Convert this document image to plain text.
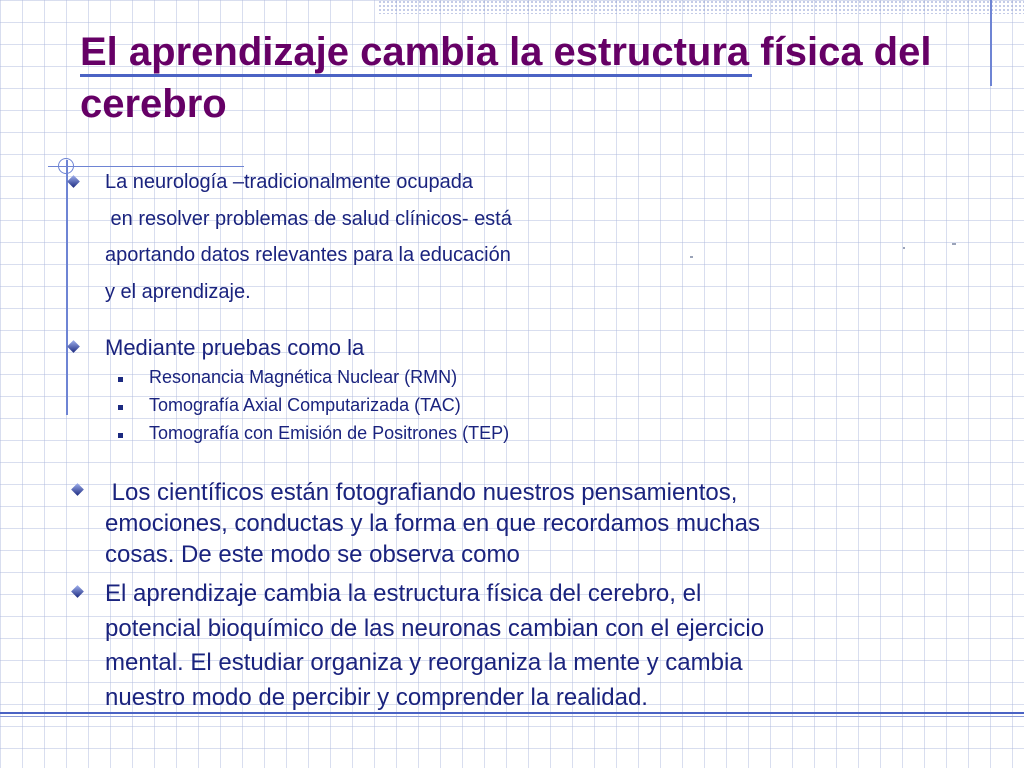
El aprendizaje cambia la estructura física del cerebro
La neurología –tradicionalmente ocupada
en resolver problemas de salud clínicos- está
aportando datos relevantes para la educación
y el aprendizaje.
Mediante pruebas como la
Resonancia Magnética Nuclear (RMN)
Tomografía Axial Computarizada (TAC)
Tomografía con Emisión de Positrones (TEP)
Los científicos están fotografiando nuestros pensamientos,
emociones, conductas y la forma en que recordamos muchas
cosas. De este modo se observa como
El aprendizaje cambia la estructura física del cerebro, el
potencial bioquímico de las neuronas cambian con el ejercicio
mental. El estudiar organiza y reorganiza la mente y cambia
nuestro modo de percibir y comprender la realidad.
